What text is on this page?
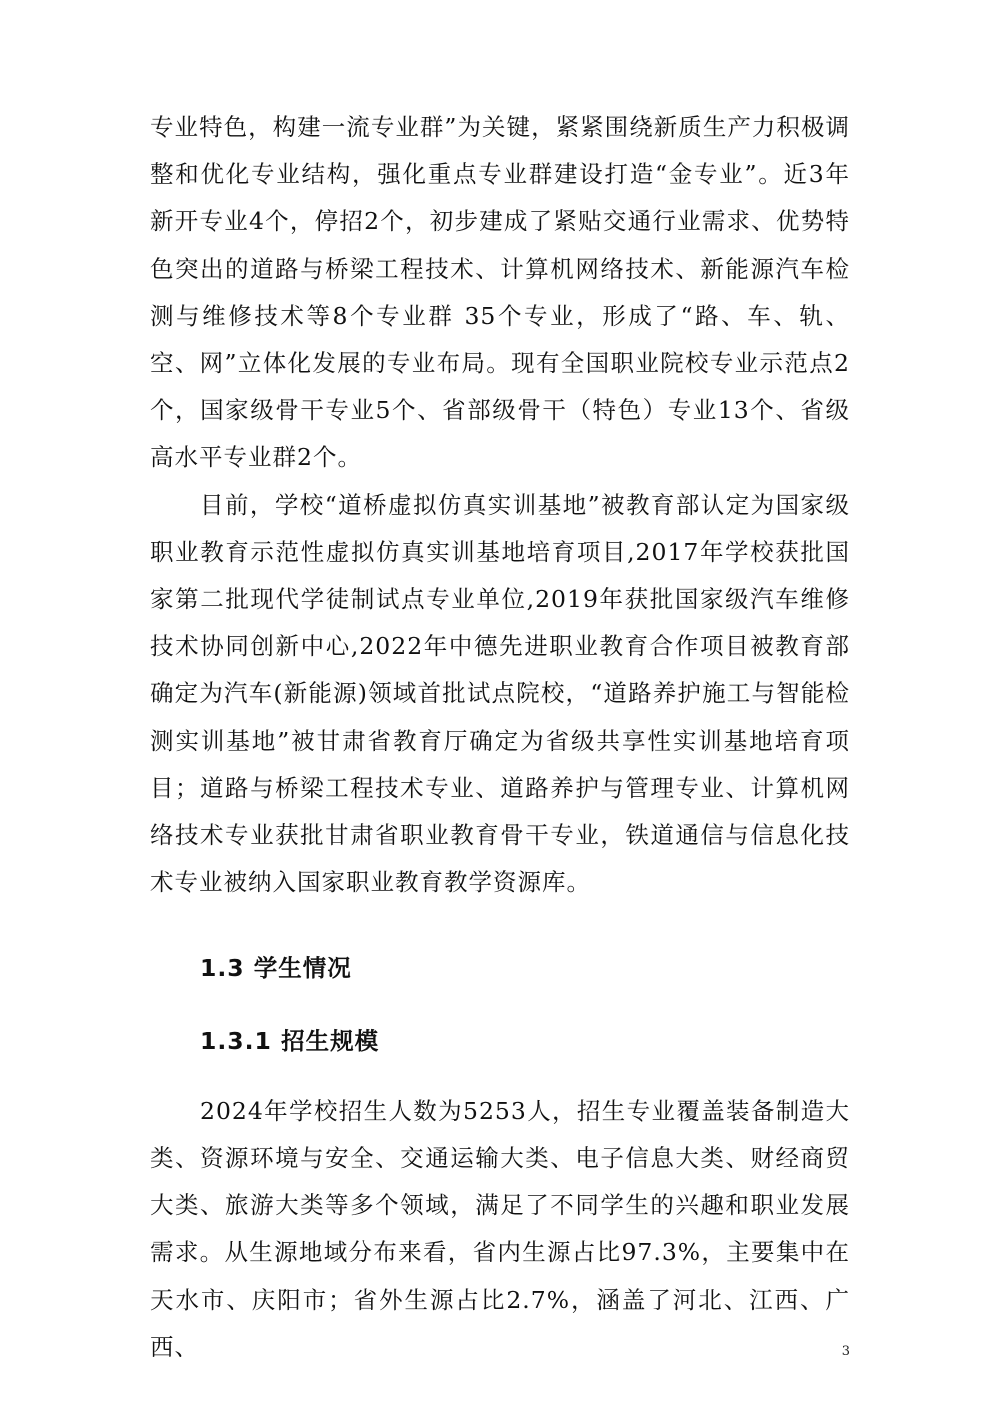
专业特色，构建一流专业群”为关键，紧紧围绕新质生产力积极调整和优化专业结构，强化重点专业群建设打造“金专业”。近3年新开专业4个，停招2个，初步建成了紧贴交通行业需求、优势特色突出的道路与桥梁工程技术、计算机网络技术、新能源汽车检测与维修技术等8个专业群 35个专业，形成了“路、车、轨、空、网”立体化发展的专业布局。现有全国职业院校专业示范点2个，国家级骨干专业5个、省部级骨干（特色）专业13个、省级高水平专业群2个。

目前，学校“道桥虚拟仿真实训基地”被教育部认定为国家级职业教育示范性虚拟仿真实训基地培育项目,2017年学校获批国家第二批现代学徒制试点专业单位,2019年获批国家级汽车维修技术协同创新中心,2022年中德先进职业教育合作项目被教育部确定为汽车(新能源)领域首批试点院校，“道路养护施工与智能检测实训基地”被甘肃省教育厅确定为省级共享性实训基地培育项目；道路与桥梁工程技术专业、道路养护与管理专业、计算机网络技术专业获批甘肃省职业教育骨干专业，铁道通信与信息化技术专业被纳入国家职业教育教学资源库。

1.3 学生情况
1.3.1 招生规模

2024年学校招生人数为5253人，招生专业覆盖装备制造大类、资源环境与安全、交通运输大类、电子信息大类、财经商贸大类、旅游大类等多个领域，满足了不同学生的兴趣和职业发展需求。从生源地域分布来看，省内生源占比97.3%，主要集中在天水市、庆阳市；省外生源占比2.7%，涵盖了河北、江西、广西、	3
